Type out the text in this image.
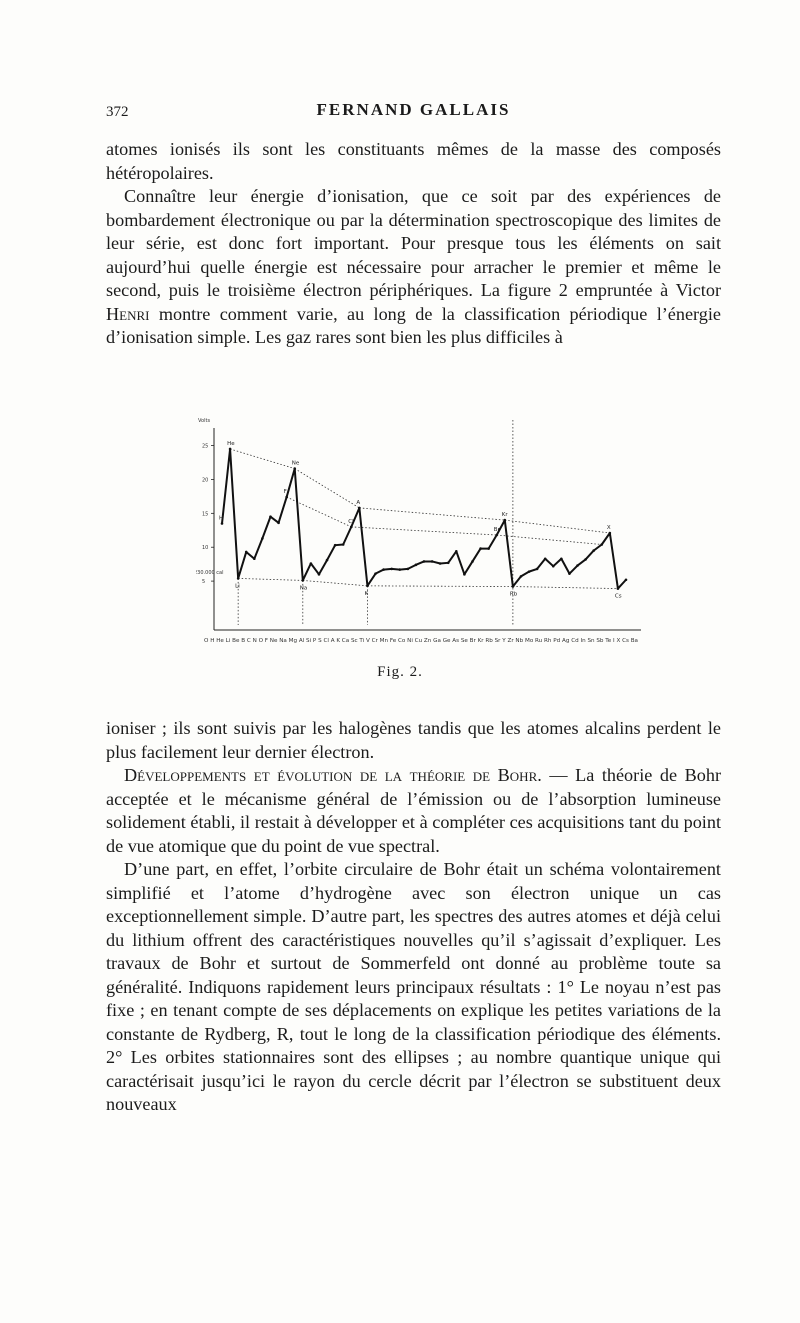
372	FERNAND GALLAIS

atomes ionisés ils sont les constituants mêmes de la masse des composés hétéropolaires.

Connaître leur énergie d’ionisation, que ce soit par des expériences de bombardement électronique ou par la détermination spectroscopique des limites de leur série, est donc fort important. Pour presque tous les éléments on sait aujourd’hui quelle énergie est nécessaire pour arracher le premier et même le second, puis le troisième électron périphériques. La figure 2 empruntée à Victor Henri montre comment varie, au long de la classification périodique l’énergie d’ionisation simple. Les gaz rares sont bien les plus difficiles à

Volts
230.000 cal
25
20
15
10
5
He
Ne
F
A
Cl
Kr
Br	X
H
Li	Na
K	Rb	Cs
O H He Li Be B C N O F Ne Na Mg Al Si P S Cl A K Ca Sc Ti V Cr Mn Fe Co Ni Cu Zn Ga Ge As Se Br Kr Rb Sr Y Zr Nb Mo Ru Rh Pd Ag Cd In Sn Sb Te I X Cs Ba
Fig. 2.

ioniser ; ils sont suivis par les halogènes tandis que les atomes alcalins perdent le plus facilement leur dernier électron.

Développements et évolution de la théorie de Bohr. — La théorie de Bohr acceptée et le mécanisme général de l’émission ou de l’absorption lumineuse solidement établi, il restait à développer et à compléter ces acquisitions tant du point de vue atomique que du point de vue spectral.

D’une part, en effet, l’orbite circulaire de Bohr était un schéma volontairement simplifié et l’atome d’hydrogène avec son électron unique un cas exceptionnellement simple. D’autre part, les spectres des autres atomes et déjà celui du lithium offrent des caractéristiques nouvelles qu’il s’agissait d’expliquer. Les travaux de Bohr et surtout de Sommerfeld ont donné au problème toute sa généralité. Indiquons rapidement leurs principaux résultats : 1° Le noyau n’est pas fixe ; en tenant compte de ses déplacements on explique les petites variations de la constante de Rydberg, R, tout le long de la classification périodique des éléments. 2° Les orbites stationnaires sont des ellipses ; au nombre quantique unique qui caractérisait jusqu’ici le rayon du cercle décrit par l’électron se substituent deux nouveaux
